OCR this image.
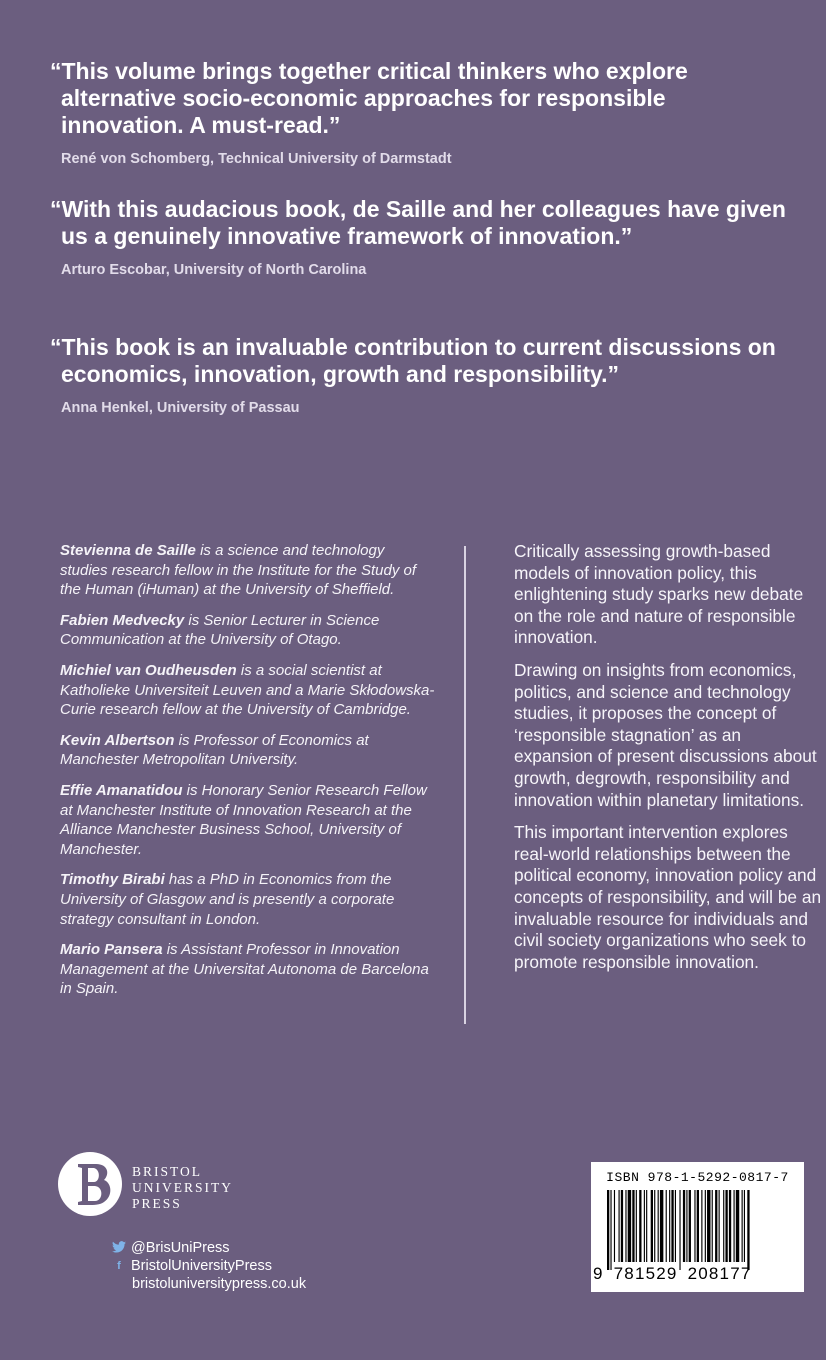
“This volume brings together critical thinkers who explore alternative socio-economic approaches for responsible innovation. A must-read.”

René von Schomberg, Technical University of Darmstadt

“With this audacious book, de Saille and her colleagues have given us a genuinely innovative framework of innovation.”

Arturo Escobar, University of North Carolina

“This book is an invaluable contribution to current discussions on economics, innovation, growth and responsibility.”

Anna Henkel, University of Passau

Stevienna de Saille is a science and technology studies research fellow in the Institute for the Study of the Human (iHuman) at the University of Sheffield.

Fabien Medvecky is Senior Lecturer in Science Communication at the University of Otago.

Michiel van Oudheusden is a social scientist at Katholieke Universiteit Leuven and a Marie Skłodowska-Curie research fellow at the University of Cambridge.

Kevin Albertson is Professor of Economics at Manchester Metropolitan University.

Effie Amanatidou is Honorary Senior Research Fellow at Manchester Institute of Innovation Research at the Alliance Manchester Business School, University of Manchester.

Timothy Birabi has a PhD in Economics from the University of Glasgow and is presently a corporate strategy consultant in London.

Mario Pansera is Assistant Professor in Innovation Management at the Universitat Autonoma de Barcelona in Spain.

Critically assessing growth-based models of innovation policy, this enlightening study sparks new debate on the role and nature of responsible innovation.

Drawing on insights from economics, politics, and science and technology studies, it proposes the concept of ‘responsible stagnation’ as an expansion of present discussions about growth, degrowth, responsibility and innovation within planetary limitations.

This important intervention explores real-world relationships between the political economy, innovation policy and concepts of responsibility, and will be an invaluable resource for individuals and civil society organizations who seek to promote responsible innovation.

BRISTOL
UNIVERSITY
PRESS
@BrisUniPress
f BristolUniversityPress
bristoluniversitypress.co.uk
ISBN 978-1-5292-0817-7
9 781529 208177
